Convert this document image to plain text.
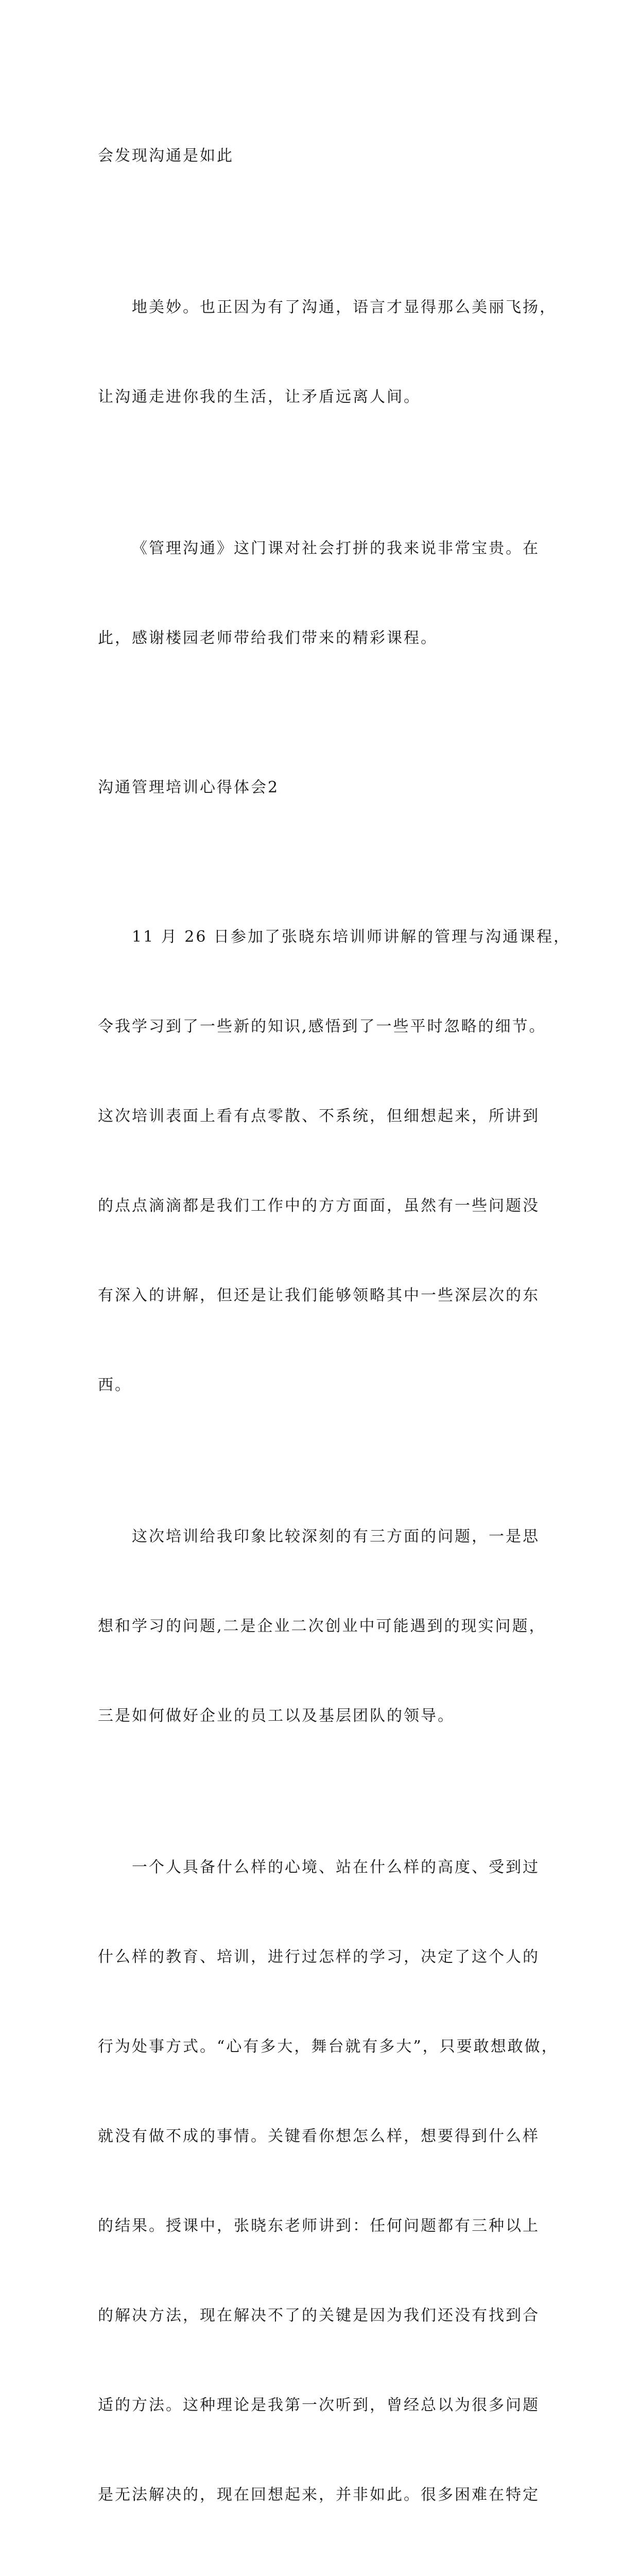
会发现沟通是如此

地美妙。也正因为有了沟通，语言才显得那么美丽飞扬，

让沟通走进你我的生活，让矛盾远离人间。

《管理沟通》这门课对社会打拼的我来说非常宝贵。在

此，感谢楼园老师带给我们带来的精彩课程。

沟通管理培训心得体会2

11 月 26 日参加了张晓东培训师讲解的管理与沟通课程，

令我学习到了一些新的知识,感悟到了一些平时忽略的细节。

这次培训表面上看有点零散、不系统，但细想起来，所讲到

的点点滴滴都是我们工作中的方方面面，虽然有一些问题没

有深入的讲解，但还是让我们能够领略其中一些深层次的东

西。

这次培训给我印象比较深刻的有三方面的问题，一是思

想和学习的问题,二是企业二次创业中可能遇到的现实问题，

三是如何做好企业的员工以及基层团队的领导。

一个人具备什么样的心境、站在什么样的高度、受到过

什么样的教育、培训，进行过怎样的学习，决定了这个人的

行为处事方式。“心有多大，舞台就有多大”，只要敢想敢做，

就没有做不成的事情。关键看你想怎么样，想要得到什么样

的结果。授课中，张晓东老师讲到：任何问题都有三种以上

的解决方法，现在解决不了的关键是因为我们还没有找到合

适的方法。这种理论是我第一次听到，曾经总以为很多问题

是无法解决的，现在回想起来，并非如此。很多困难在特定
